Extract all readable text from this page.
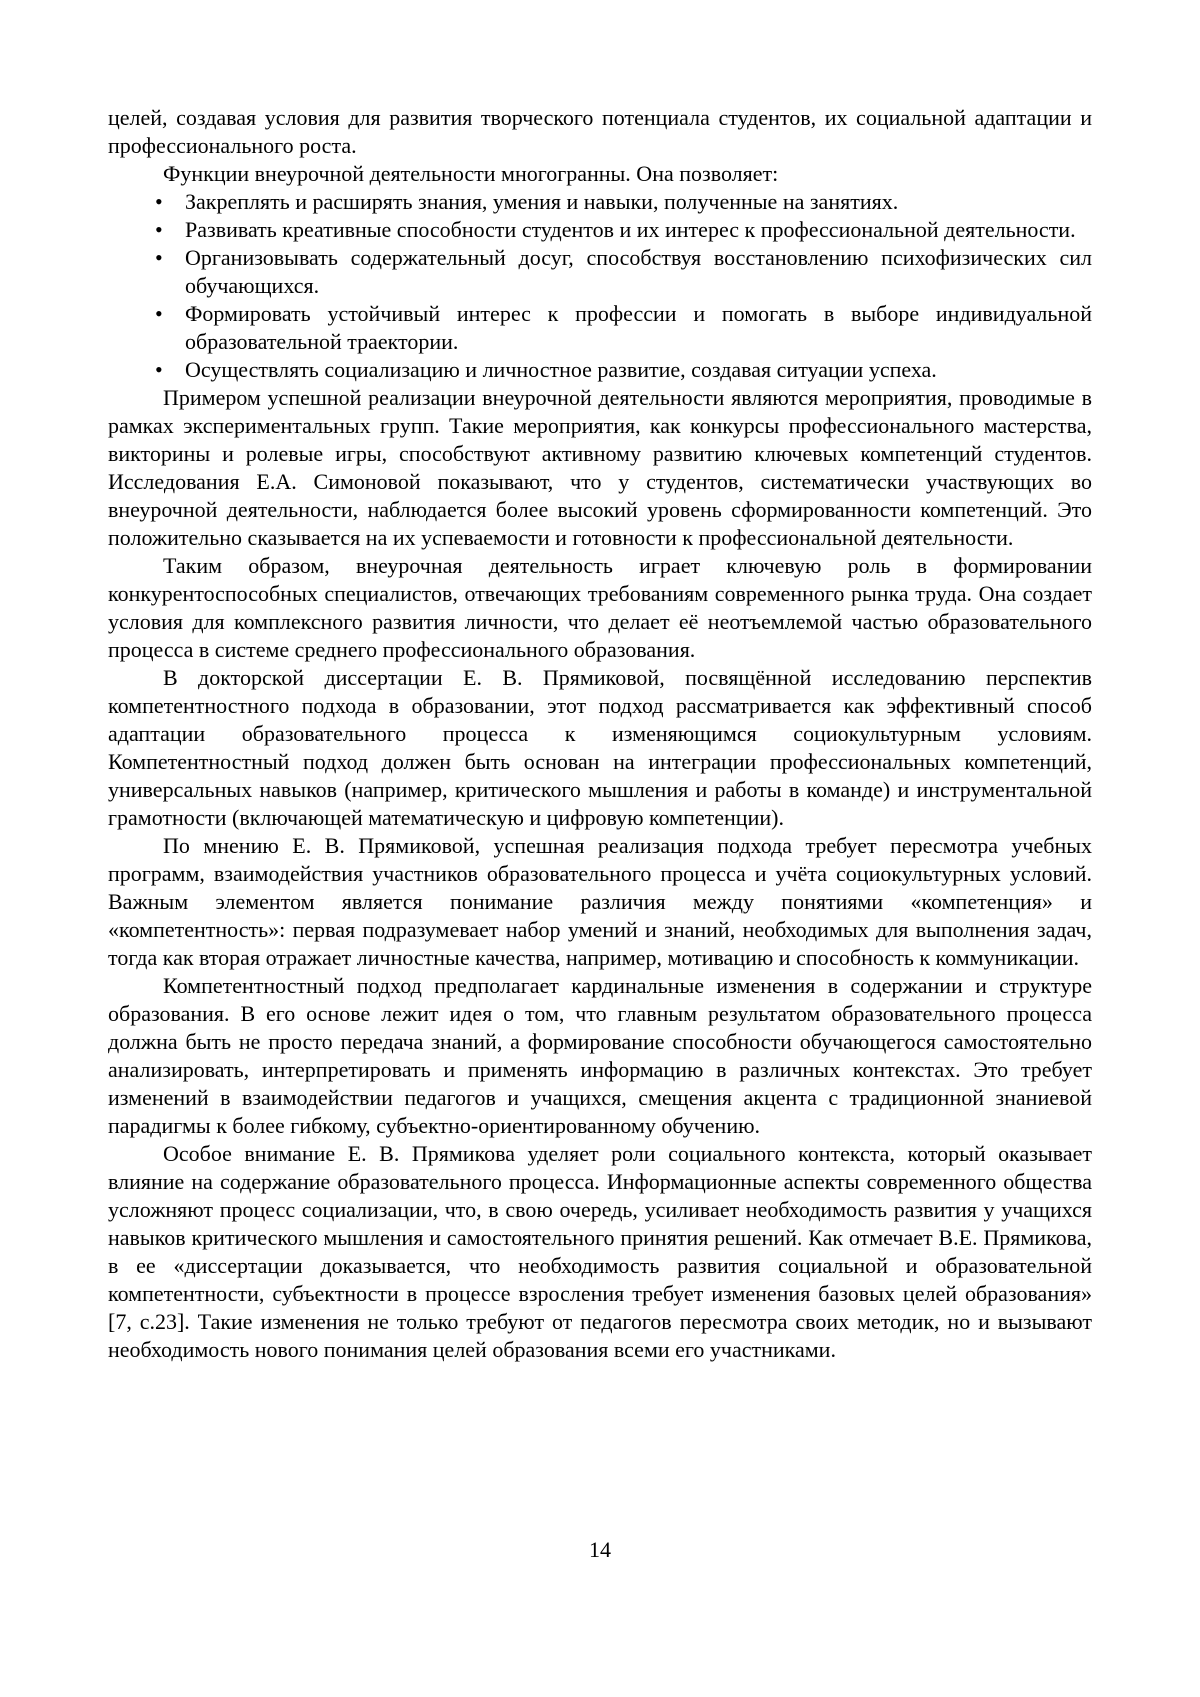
целей, создавая условия для развития творческого потенциала студентов, их социальной адаптации и профессионального роста.

Функции внеурочной деятельности многогранны. Она позволяет:

• Закреплять и расширять знания, умения и навыки, полученные на занятиях.
• Развивать креативные способности студентов и их интерес к профессиональной деятельности.
• Организовывать содержательный досуг, способствуя восстановлению психофизических сил обучающихся.
• Формировать устойчивый интерес к профессии и помогать в выборе индивидуальной образовательной траектории.
• Осуществлять социализацию и личностное развитие, создавая ситуации успеха.

Примером успешной реализации внеурочной деятельности являются мероприятия, проводимые в рамках экспериментальных групп. Такие мероприятия, как конкурсы профессионального мастерства, викторины и ролевые игры, способствуют активному развитию ключевых компетенций студентов. Исследования Е.А. Симоновой показывают, что у студентов, систематически участвующих во внеурочной деятельности, наблюдается более высокий уровень сформированности компетенций. Это положительно сказывается на их успеваемости и готовности к профессиональной деятельности.

Таким образом, внеурочная деятельность играет ключевую роль в формировании конкурентоспособных специалистов, отвечающих требованиям современного рынка труда. Она создает условия для комплексного развития личности, что делает её неотъемлемой частью образовательного процесса в системе среднего профессионального образования.

В докторской диссертации Е. В. Прямиковой, посвящённой исследованию перспектив компетентностного подхода в образовании, этот подход рассматривается как эффективный способ адаптации образовательного процесса к изменяющимся социокультурным условиям. Компетентностный подход должен быть основан на интеграции профессиональных компетенций, универсальных навыков (например, критического мышления и работы в команде) и инструментальной грамотности (включающей математическую и цифровую компетенции).

По мнению Е. В. Прямиковой, успешная реализация подхода требует пересмотра учебных программ, взаимодействия участников образовательного процесса и учёта социокультурных условий. Важным элементом является понимание различия между понятиями «компетенция» и «компетентность»: первая подразумевает набор умений и знаний, необходимых для выполнения задач, тогда как вторая отражает личностные качества, например, мотивацию и способность к коммуникации.

Компетентностный подход предполагает кардинальные изменения в содержании и структуре образования. В его основе лежит идея о том, что главным результатом образовательного процесса должна быть не просто передача знаний, а формирование способности обучающегося самостоятельно анализировать, интерпретировать и применять информацию в различных контекстах. Это требует изменений в взаимодействии педагогов и учащихся, смещения акцента с традиционной знаниевой парадигмы к более гибкому, субъектно-ориентированному обучению.

Особое внимание Е. В. Прямикова уделяет роли социального контекста, который оказывает влияние на содержание образовательного процесса. Информационные аспекты современного общества усложняют процесс социализации, что, в свою очередь, усиливает необходимость развития у учащихся навыков критического мышления и самостоятельного принятия решений. Как отмечает В.Е. Прямикова, в ее «диссертации доказывается, что необходимость развития социальной и образовательной компетентности, субъектности в процессе взросления требует изменения базовых целей образования» [7, с.23]. Такие изменения не только требуют от педагогов пересмотра своих методик, но и вызывают необходимость нового понимания целей образования всеми его участниками.

14
